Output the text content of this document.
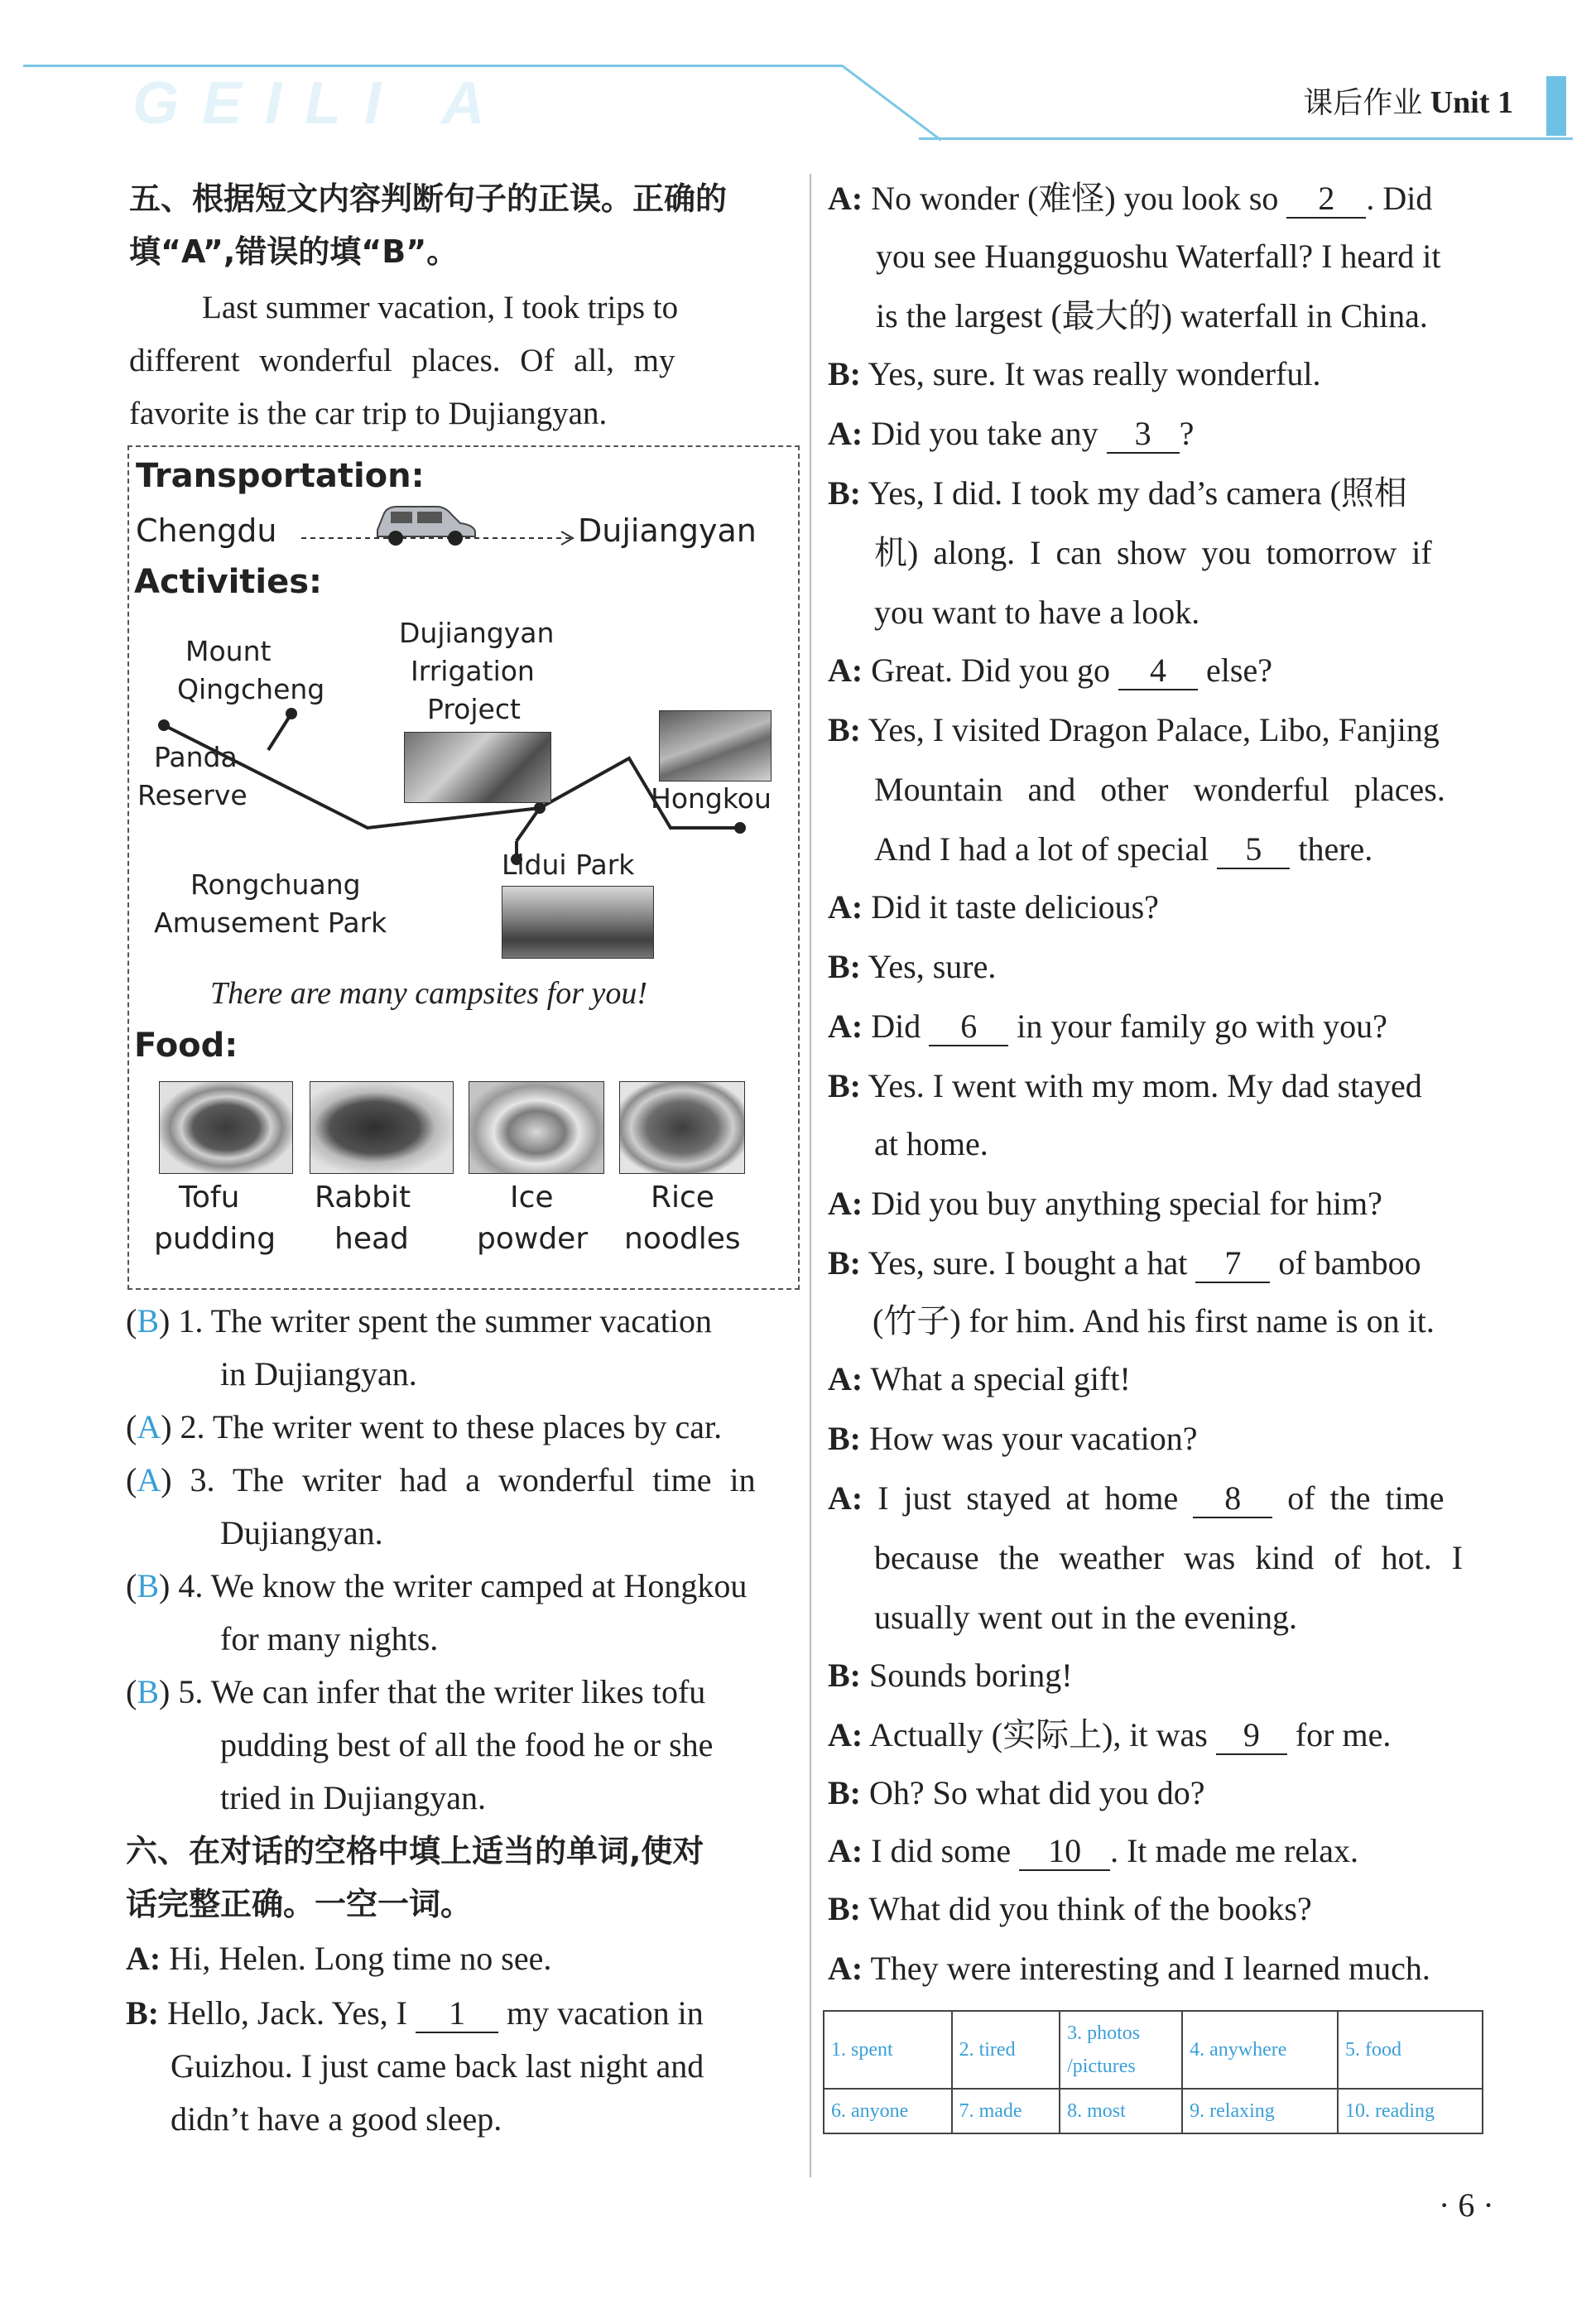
GEILI A	课后作业 Unit 1
五、根据短文内容判断句子的正误。正确的
填“A”,错误的填“B”。
Last summer vacation, I took trips to
different wonderful places. Of all, my
favorite is the car trip to Dujiangyan.
Transportation:
Chengdu	Dujiangyan
Activities:
Mount
Qingcheng
Dujiangyan
Irrigation
Project
Panda
Reserve	Hongkou
Lidui Park
Rongchuang
Amusement Park
There are many campsites for you!
Food:
Tofu
pudding
Rabbit
head
Ice
powder
Rice
noodles
(B) 1. The writer spent the summer vacation
in Dujiangyan.
(A) 2. The writer went to these places by car.
(A) 3. The writer had a wonderful time in
Dujiangyan.
(B) 4. We know the writer camped at Hongkou
for many nights.
(B) 5. We can infer that the writer likes tofu
pudding best of all the food he or she
tried in Dujiangyan.
六、在对话的空格中填上适当的单词,使对
话完整正确。一空一词。
A: Hi, Helen. Long time no see.
B: Hello, Jack. Yes, I 1 my vacation in
Guizhou. I just came back last night and
didn’t have a good sleep.
A: No wonder (难怪) you look so 2 . Did
you see Huangguoshu Waterfall? I heard it
is the largest (最大的) waterfall in China.
B: Yes, sure. It was really wonderful.
A: Did you take any 3 ?
B: Yes, I did. I took my dad’s camera (照相
机) along. I can show you tomorrow if
you want to have a look.
A: Great. Did you go 4 else?
B: Yes, I visited Dragon Palace, Libo, Fanjing
Mountain and other wonderful places.
And I had a lot of special 5 there.
A: Did it taste delicious?
B: Yes, sure.
A: Did 6 in your family go with you?
B: Yes. I went with my mom. My dad stayed
at home.
A: Did you buy anything special for him?
B: Yes, sure. I bought a hat 7 of bamboo
(竹子) for him. And his first name is on it.
A: What a special gift!
B: How was your vacation?
A: I just stayed at home 8 of the time
because the weather was kind of hot. I
usually went out in the evening.
B: Sounds boring!
A: Actually (实际上), it was 9 for me.
B: Oh? So what did you do?
A: I did some 10 . It made me relax.
B: What did you think of the books?
A: They were interesting and I learned much.
1. spent	2. tired	3. photos /pictures	4. anywhere	5. food
6. anyone	7. made	8. most	9. relaxing	10. reading
· 6 ·
